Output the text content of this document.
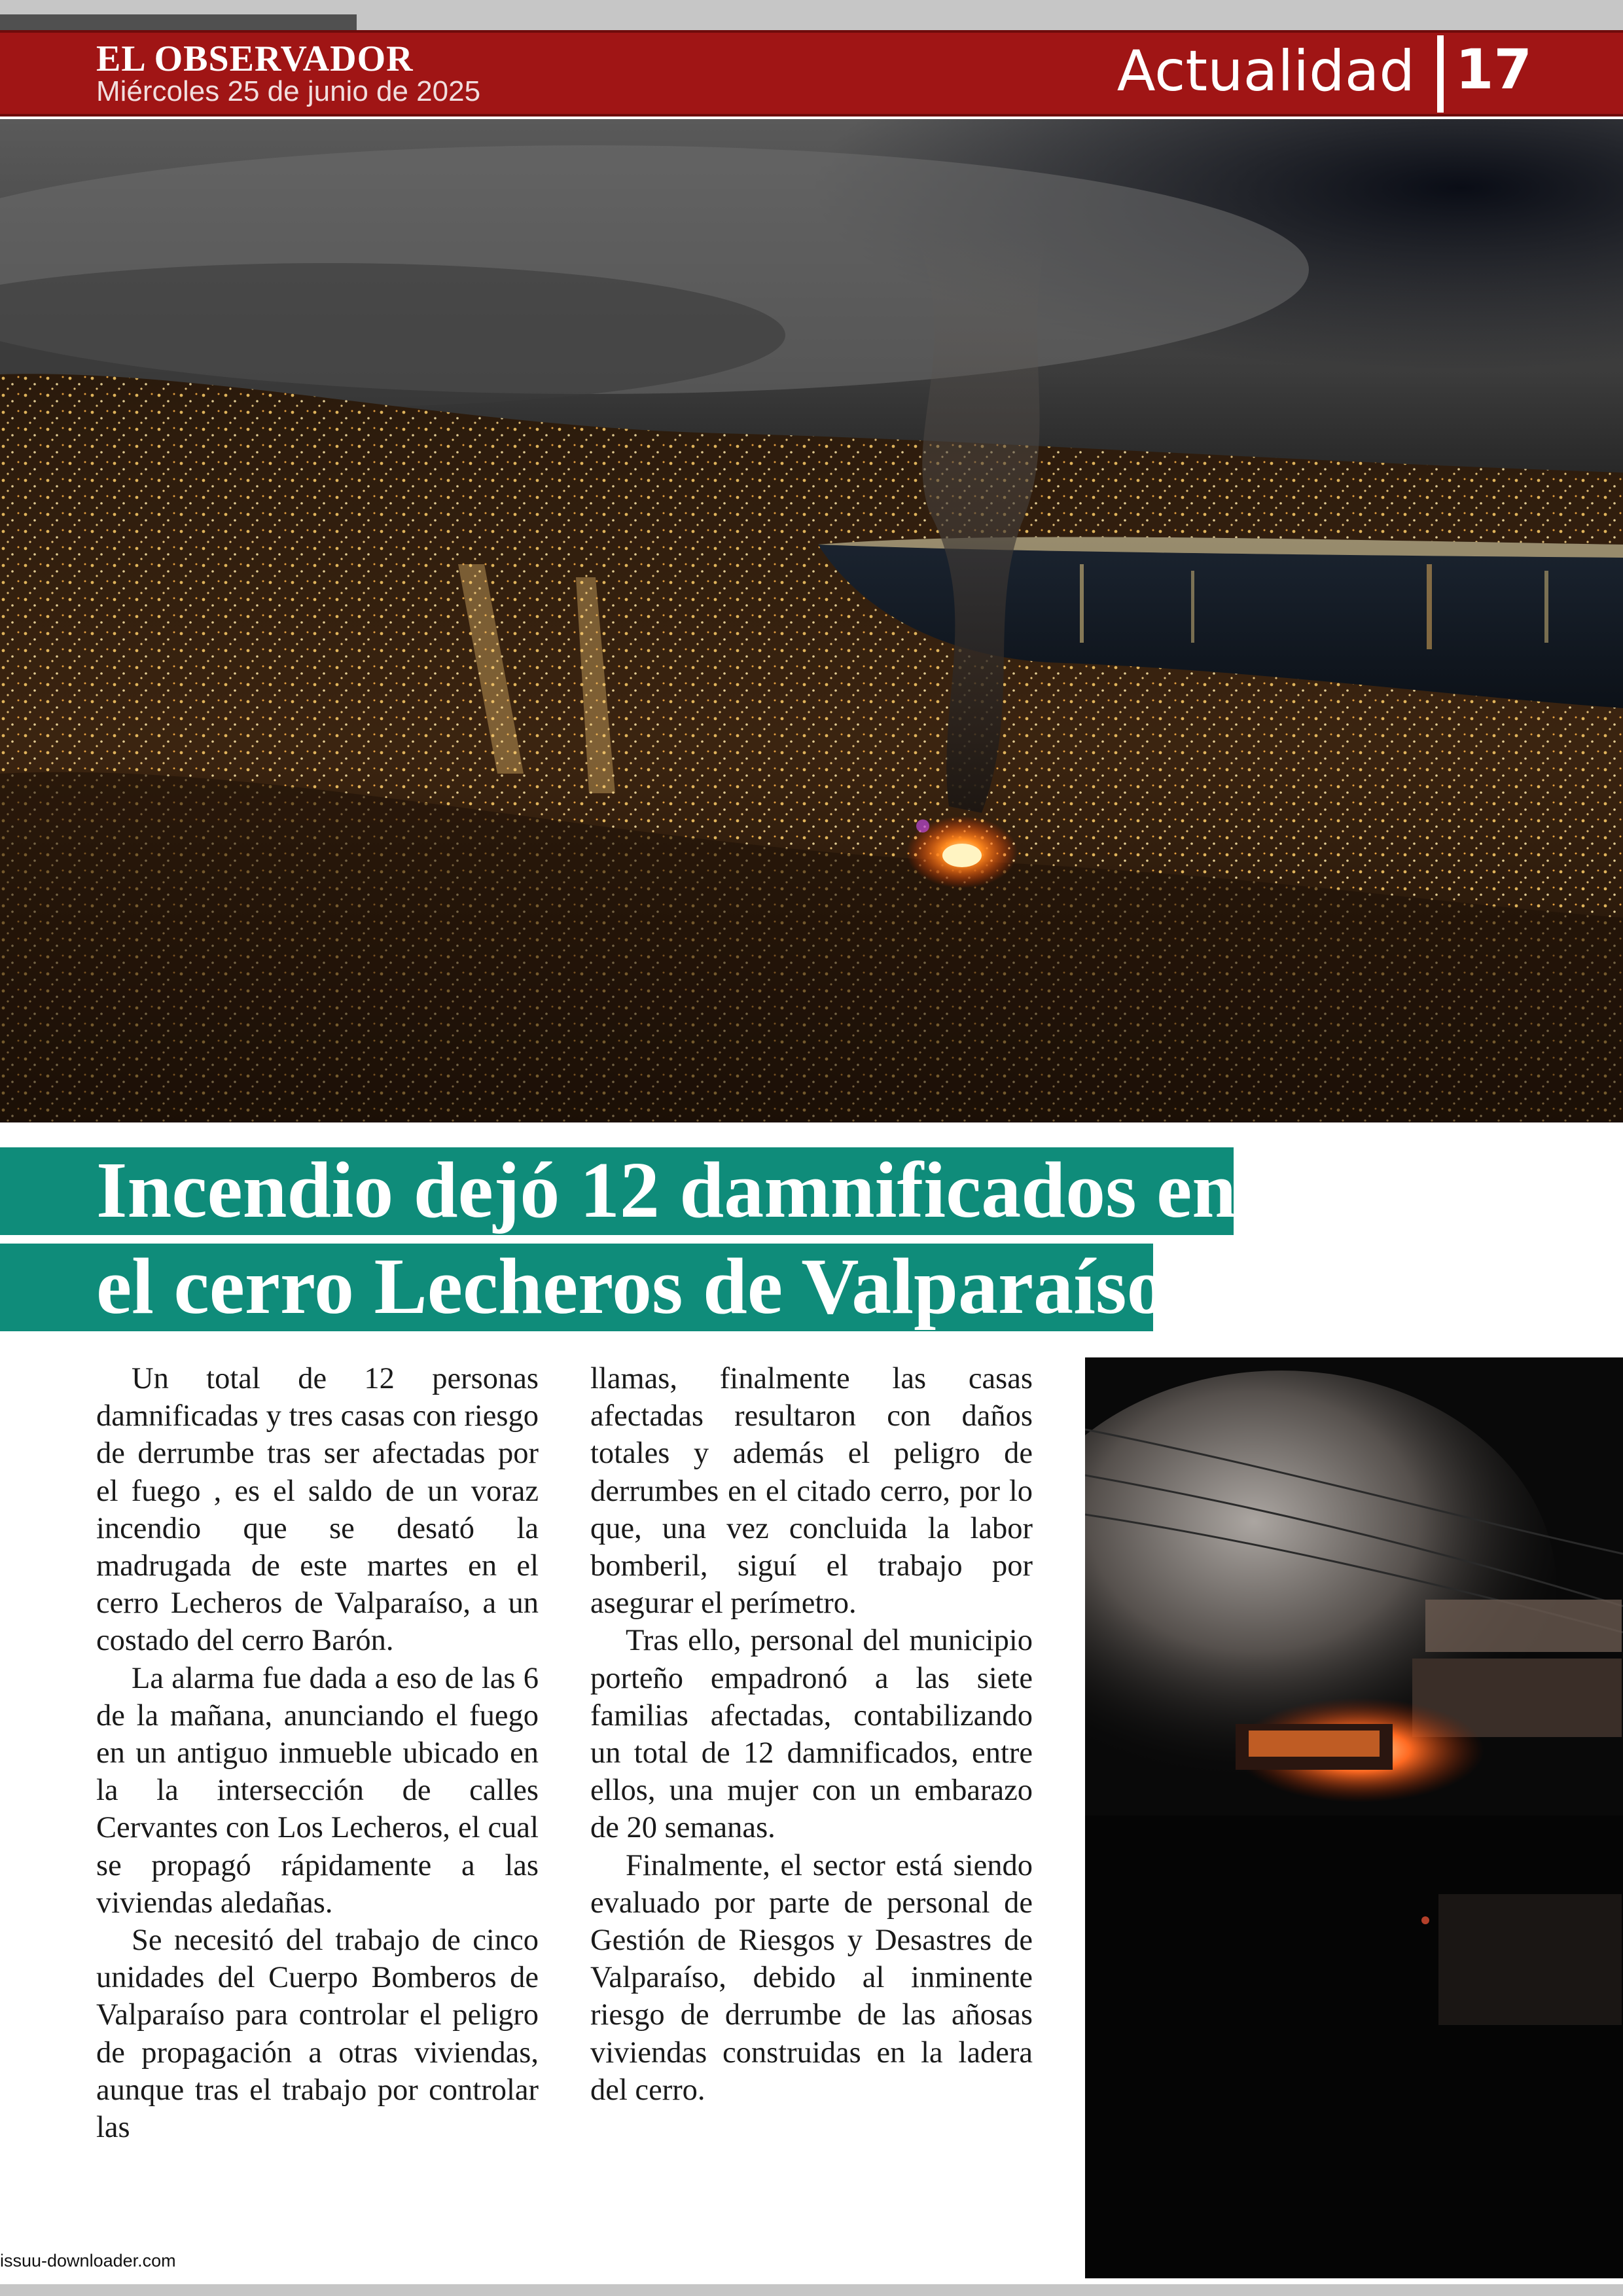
EL OBSERVADOR
Miércoles 25 de junio de 2025	Actualidad 17
Incendio dejó 12 damnificados en
el cerro Lecheros de Valparaíso

Un total de 12 personas damnificadas y tres casas con riesgo de derrumbe tras ser afectadas por el fuego , es el saldo de un voraz incendio que se desató la madrugada de este martes en el cerro Lecheros de Valparaíso, a un costado del cerro Barón.

La alarma fue dada a eso de las 6 de la mañana, anunciando el fuego en un antiguo inmueble ubicado en la la intersección de calles Cervantes con Los Lecheros, el cual se propagó rápidamente a las viviendas aledañas.

Se necesitó del trabajo de cinco unidades del Cuerpo Bomberos de Valparaíso para controlar el peligro de propagación a otras viviendas, aunque tras el trabajo por controlar las

llamas, finalmente las casas afectadas resultaron con daños totales y además el peligro de derrumbes en el citado cerro, por lo que, una vez concluida la labor bomberil, siguí el trabajo por asegurar el perímetro.

Tras ello, personal del municipio porteño empadronó a las siete familias afectadas, contabilizando un total de 12 damnificados, entre ellos, una mujer con un embarazo de 20 semanas.

Finalmente, el sector está siendo evaluado por parte de personal de Gestión de Riesgos y Desastres de Valparaíso, debido al inminente riesgo de derrumbe de las añosas viviendas construidas en la ladera del cerro.

issuu-downloader.com
